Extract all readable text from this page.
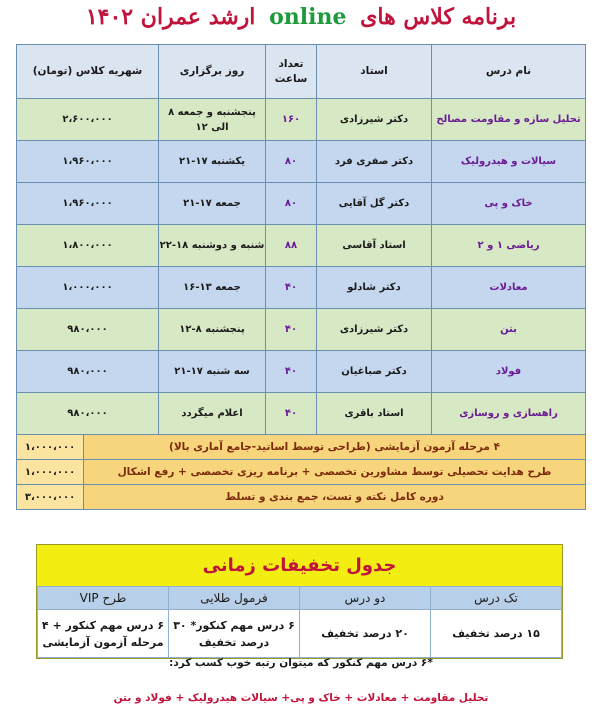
برنامه کلاس های online ارشد عمران ۱۴۰۲
نام درس	استاد	تعداد ساعت	روز برگزاری	شهریه کلاس (تومان)	
تحلیل سازه و مقاومت مصالح	دکتر شیرزادی	۱۶۰	پنجشنبه و جمعه ۸ الی ۱۲	۲،۶۰۰،۰۰۰	
سیالات و هیدرولیک	دکتر صفری فرد	۸۰	یکشنبه ۱۷-۲۱	۱،۹۶۰،۰۰۰	
خاک و پی	دکتر گل آقایی	۸۰	جمعه ۱۷-۲۱	۱،۹۶۰،۰۰۰	
ریاضی ۱ و ۲	استاد آقاسی	۸۸	شنبه و دوشنبه ۱۸-۲۲	۱،۸۰۰،۰۰۰	
معادلات	دکتر شادلو	۴۰	جمعه ۱۳-۱۶	۱،۰۰۰،۰۰۰	
بتن	دکتر شیرزادی	۴۰	پنجشنبه ۸-۱۲	۹۸۰،۰۰۰	
فولاد	دکتر صباغیان	۴۰	سه شنبه ۱۷-۲۱	۹۸۰،۰۰۰	
راهسازی و روسازی	استاد باقری	۴۰	اعلام میگردد	۹۸۰،۰۰۰	
۴ مرحله آزمون آزمایشی (طراحی توسط اساتید-جامع آماری بالا)					۱،۰۰۰،۰۰۰
طرح هدایت تحصیلی توسط مشاورین تخصصی + برنامه ریزی تخصصی + رفع اشکال					۱،۰۰۰،۰۰۰
دوره کامل نکته و تست، جمع بندی و تسلط					۳،۰۰۰،۰۰۰
جدول تخفیفات زمانی
تک درس	دو درس	فرمول طلایی	طرح VIP
۱۵ درصد تخفیف	۲۰ درصد تخفیف	۶ درس مهم کنکور* ۳۰ درصد تخفیف	۶ درس مهم کنکور + ۴ مرحله آزمون آزمایشی
*۶ درس مهم کنکور که میتوان رتبه خوب کسب کرد:
تحلیل مقاومت + معادلات + خاک و پی+ سیالات هیدرولیک + فولاد و بتن
